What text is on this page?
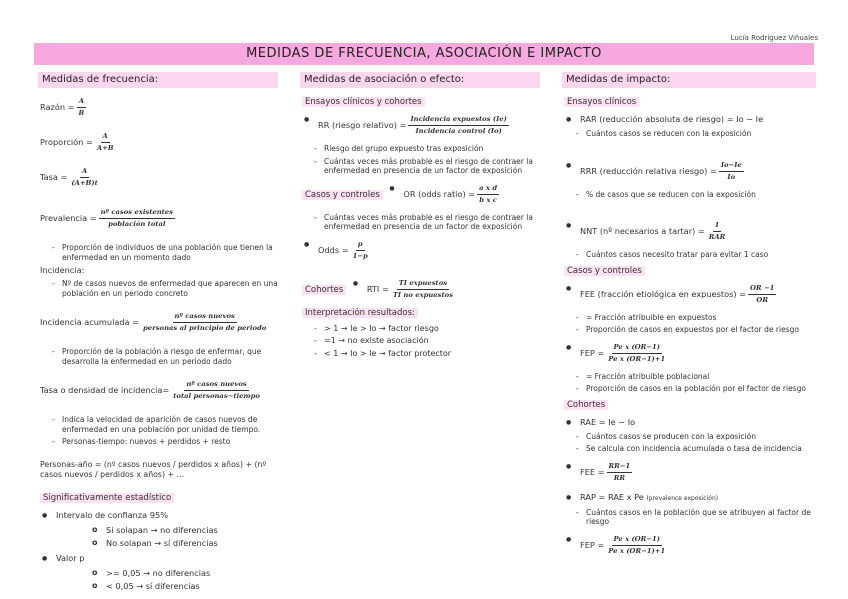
Lucía Rodríguez Viñuales
MEDIDAS DE FRECUENCIA, ASOCIACIÓN E IMPACTO
Medidas de frecuencia:
Razón = $\frac{A}{B}$
Proporción = $\frac{A}{A+B}$
Tasa = $\frac{A}{(A+B)t}$
Prevalencia = $\frac{\text{nº casos existentes}}{\text{población total}}$
- Proporción de individuos de una población que tienen la enfermedad en un momento dado
Incidencia:
- Nº de casos nuevos de enfermedad que aparecen en una población en un periodo concreto
Incidencia acumulada = $\frac{\text{nº casos nuevos}}{\text{personas al principio de periodo}}$
- Proporción de la población a riesgo de enfermar, que desarrolla la enfermedad en un periodo dado
Tasa o densidad de incidencia= $\frac{\text{nº casos nuevos}}{\text{total personas−tiempo}}$
- Indica la velocidad de aparición de casos nuevos de enfermedad en una población por unidad de tiempo.
- Personas-tiempo: nuevos + perdidos + resto
Personas-año = (nº casos nuevos / perdidos x años) + (nº casos nuevos / perdidos x años) + …
Significativamente estadístico
● Intervalo de confianza 95%
o Si solapan → no diferencias
o No solapan → sí diferencias
● Valor p
o >= 0,05 → no diferencias
o < 0,05 → sí diferencias
Medidas de asociación o efecto:
Ensayos clínicos y cohortes
● RR (riesgo relativo) = $\frac{\text{Incidencia expuestos (Ie)}}{\text{Incidencia control (Io)}}$
- Riesgo del grupo expuesto tras exposición
- Cuántas veces más probable es el riesgo de contraer la enfermedad en presencia de un factor de exposición
Casos y controles	● OR (odds ratio) = $\frac{\text{a x d}}{\text{b x c}}$
- Cuántas veces más probable es el riesgo de contraer la enfermedad en presencia de un factor de exposición
● Odds = $\frac{p}{1-p}$
Cohortes	● RTI = $\frac{\text{TI expuestos}}{\text{TI no expuestos}}$
Interpretación resultados:
- > 1 → Ie > Io → factor riesgo
- =1 → no existe asociación
- < 1 → Io > Ie → factor protector
Medidas de impacto:
Ensayos clínicos
● RAR (reducción absoluta de riesgo) = Io − Ie
- Cuántos casos se reducen con la exposición
● RRR (reducción relativa riesgo) = $\frac{Io-Ie}{Io}$
- % de casos que se reducen con la exposición
● NNT (nº necesarios a tartar) = $\frac{1}{\text{RAR}}$
- Cuántos casos necesito tratar para evitar 1 caso
Casos y controles
● FEE (fracción etiológica en expuestos) = $\frac{OR -1}{OR}$
- = Fracción atribuible en expuestos
- Proporción de casos en expuestos por el factor de riesgo
● FEP = $\frac{\text{Pe x (OR−1)}}{\text{Pe x (OR−1)+1}}$
- = Fracción atribuible poblacional
- Proporción de casos en la población por el factor de riesgo
Cohortes
● RAE = Ie − Io
- Cuántos casos se producen con la exposición
- Se calcula con incidencia acumulada o tasa de incidencia
● FEE = $\frac{RR-1}{RR}$
● RAP = RAE x Pe (prevalence exposición)
- Cuántos casos en la población que se atribuyen al factor de riesgo
● FEP = $\frac{\text{Pe x (OR−1)}}{\text{Pe x (OR−1)+1}}$
